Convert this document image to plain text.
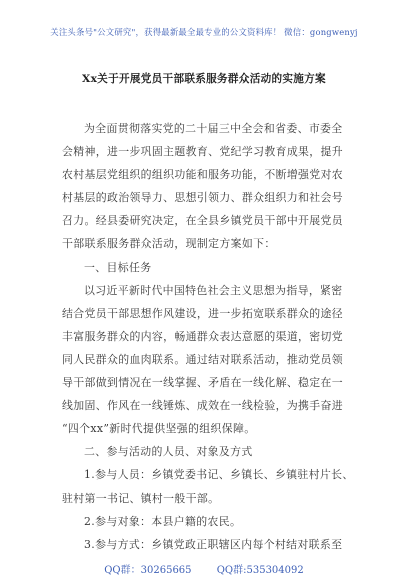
关注头条号"公文研究"，获得最新最全最专业的公文资料库！ 微信：gongwenyj
Xx关于开展党员干部联系服务群众活动的实施方案
为全面贯彻落实党的二十届三中全会和省委、市委全
会精神，进一步巩固主题教育、党纪学习教育成果，提升
农村基层党组织的组织功能和服务功能，不断增强党对农
村基层的政治领导力、思想引领力、群众组织力和社会号
召力。经县委研究决定，在全县乡镇党员干部中开展党员
干部联系服务群众活动，现制定方案如下：
一、目标任务
以习近平新时代中国特色社会主义思想为指导，紧密
结合党员干部思想作风建设，进一步拓宽联系群众的途径
丰富服务群众的内容，畅通群众表达意愿的渠道，密切党
同人民群众的血肉联系。通过结对联系活动，推动党员领
导干部做到情况在一线掌握、矛盾在一线化解、稳定在一
线加固、作风在一线锤炼、成效在一线检验，为携手奋进
“四个xx”新时代提供坚强的组织保障。
二、参与活动的人员、对象及方式
1.参与人员：乡镇党委书记、乡镇长、乡镇驻村片长、
驻村第一书记、镇村一般干部。
2.参与对象：本县户籍的农民。
3.参与方式：乡镇党政正职辖区内每个村结对联系至
QQ群：30265665	QQ群:535304092
